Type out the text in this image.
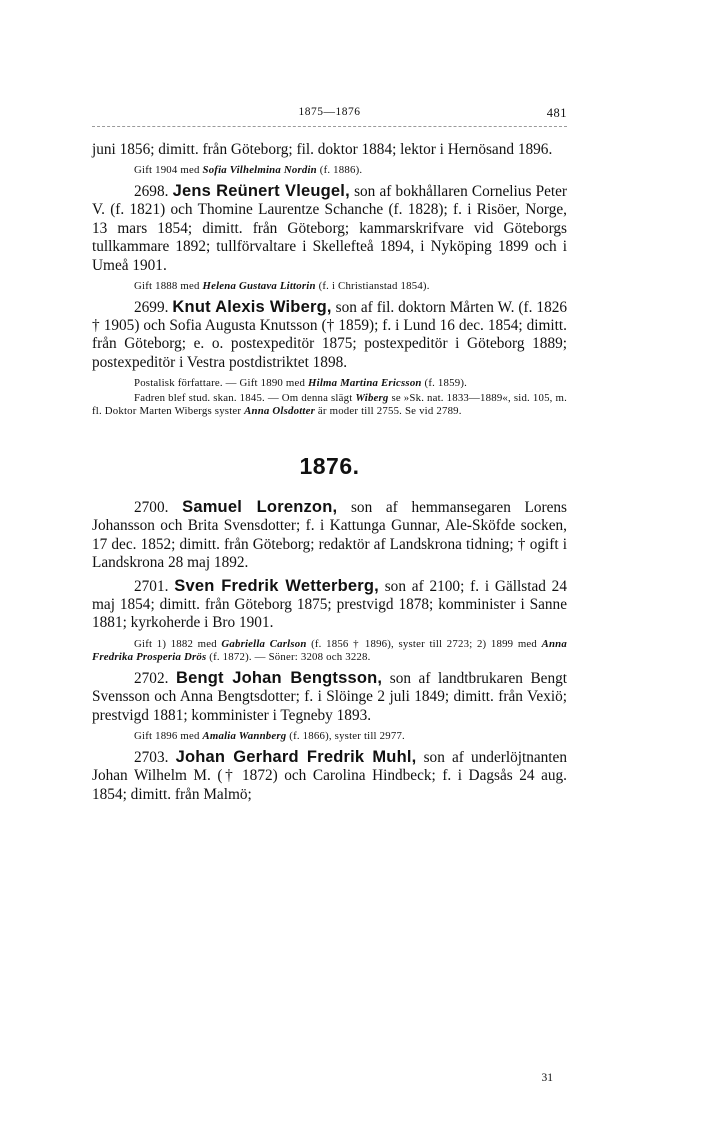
1875—1876	481

juni 1856; dimitt. från Göteborg; fil. doktor 1884; lektor i Hernösand 1896.

Gift 1904 med Sofia Vilhelmina Nordin (f. 1886).

2698. Jens Reünert Vleugel, son af bokhållaren Cornelius Peter V. (f. 1821) och Thomine Laurentze Schanche (f. 1828); f. i Risöer, Norge, 13 mars 1854; dimitt. från Göteborg; kammarskrifvare vid Göteborgs tullkammare 1892; tullförvaltare i Skellefteå 1894, i Nyköping 1899 och i Umeå 1901.

Gift 1888 med Helena Gustava Littorin (f. i Christianstad 1854).

2699. Knut Alexis Wiberg, son af fil. doktorn Mårten W. (f. 1826 † 1905) och Sofia Augusta Knutsson († 1859); f. i Lund 16 dec. 1854; dimitt. från Göteborg; e. o. postexpeditör 1875; postexpeditör i Göteborg 1889; postexpeditör i Vestra postdistriktet 1898.

Postalisk författare. — Gift 1890 med Hilma Martina Ericsson (f. 1859).

Fadren blef stud. skan. 1845. — Om denna slägt Wiberg se »Sk. nat. 1833—1889«, sid. 105, m. fl. Doktor Marten Wibergs syster Anna Olsdotter är moder till 2755. Se vid 2789.

1876.

2700. Samuel Lorenzon, son af hemmansegaren Lorens Johansson och Brita Svensdotter; f. i Kattunga Gunnar, Ale-Sköfde socken, 17 dec. 1852; dimitt. från Göteborg; redaktör af Landskrona tidning; † ogift i Landskrona 28 maj 1892.

2701. Sven Fredrik Wetterberg, son af 2100; f. i Gällstad 24 maj 1854; dimitt. från Göteborg 1875; prestvigd 1878; komminister i Sanne 1881; kyrkoherde i Bro 1901.

Gift 1) 1882 med Gabriella Carlson (f. 1856 † 1896), syster till 2723; 2) 1899 med Anna Fredrika Prosperia Drös (f. 1872). — Söner: 3208 och 3228.

2702. Bengt Johan Bengtsson, son af landtbrukaren Bengt Svensson och Anna Bengtsdotter; f. i Slöinge 2 juli 1849; dimitt. från Vexiö; prestvigd 1881; komminister i Tegneby 1893.

Gift 1896 med Amalia Wannberg (f. 1866), syster till 2977.

2703. Johan Gerhard Fredrik Muhl, son af underlöjtnanten Johan Wilhelm M. († 1872) och Carolina Hindbeck; f. i Dagsås 24 aug. 1854; dimitt. från Malmö;

31
